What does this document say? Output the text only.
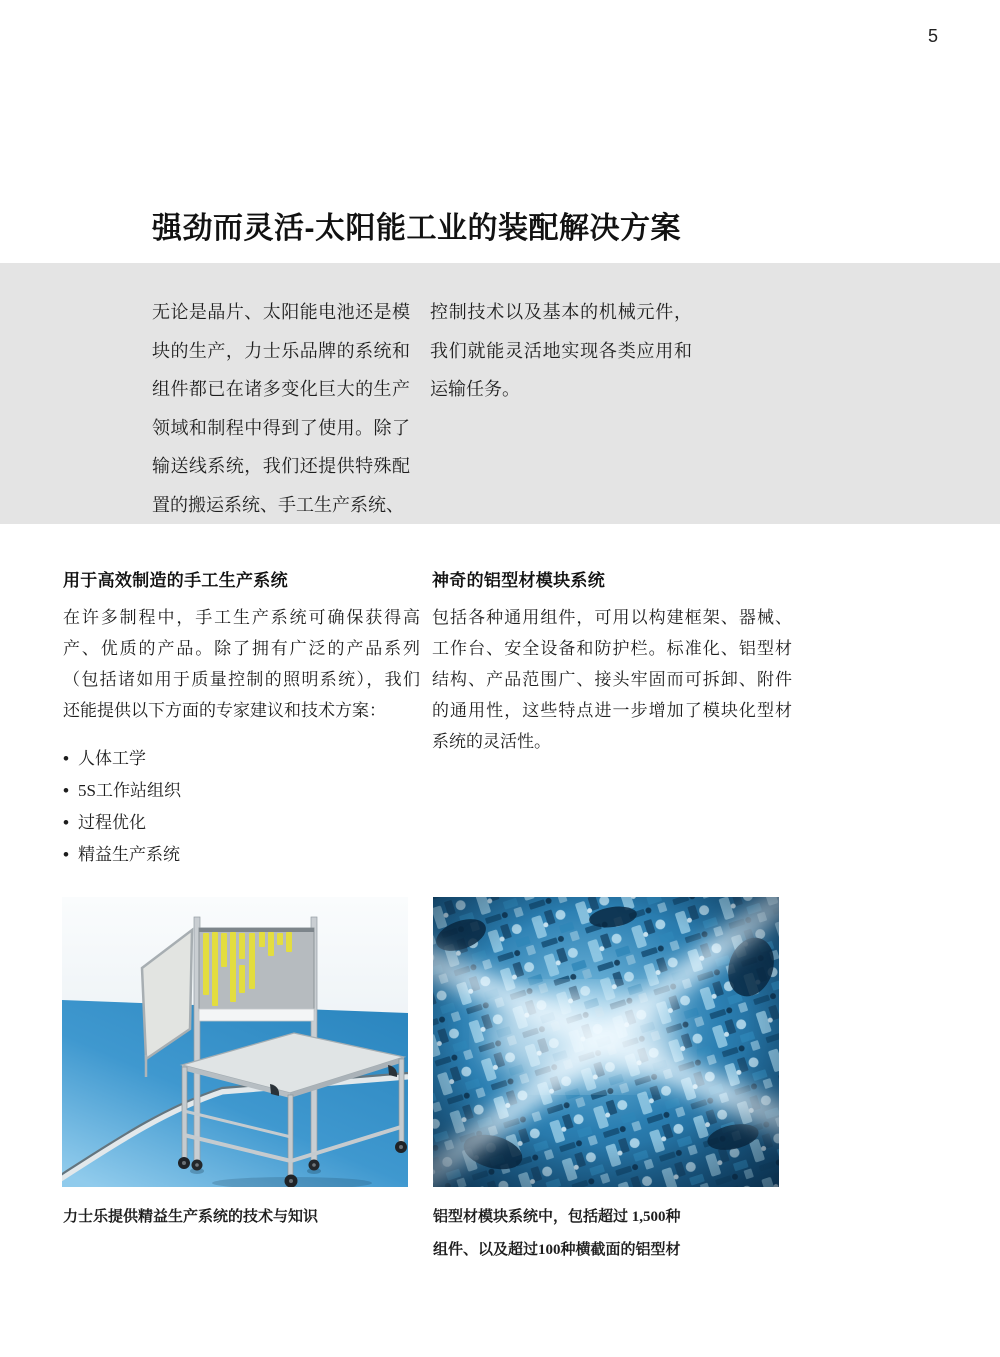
5
强劲而灵活-太阳能工业的装配解决方案
无论是晶片、太阳能电池还是模
块的生产，力士乐品牌的系统和
组件都已在诸多变化巨大的生产
领域和制程中得到了使用。除了
输送线系统，我们还提供特殊配
置的搬运系统、手工生产系统、
控制技术以及基本的机械元件，
我们就能灵活地实现各类应用和
运输任务。
用于高效制造的手工生产系统
在许多制程中，手工生产系统可确保获得高
产、优质的产品。除了拥有广泛的产品系列
（包括诸如用于质量控制的照明系统），我们
还能提供以下方面的专家建议和技术方案：
• 人体工学
• 5S工作站组织
• 过程优化
• 精益生产系统
神奇的铝型材模块系统
包括各种通用组件，可用以构建框架、器械、
工作台、安全设备和防护栏。标准化、铝型材
结构、产品范围广、接头牢固而可拆卸、附件
的通用性，这些特点进一步增加了模块化型材
系统的灵活性。
力士乐提供精益生产系统的技术与知识	铝型材模块系统中，包括超过 1,500种
组件、以及超过100种横截面的铝型材
